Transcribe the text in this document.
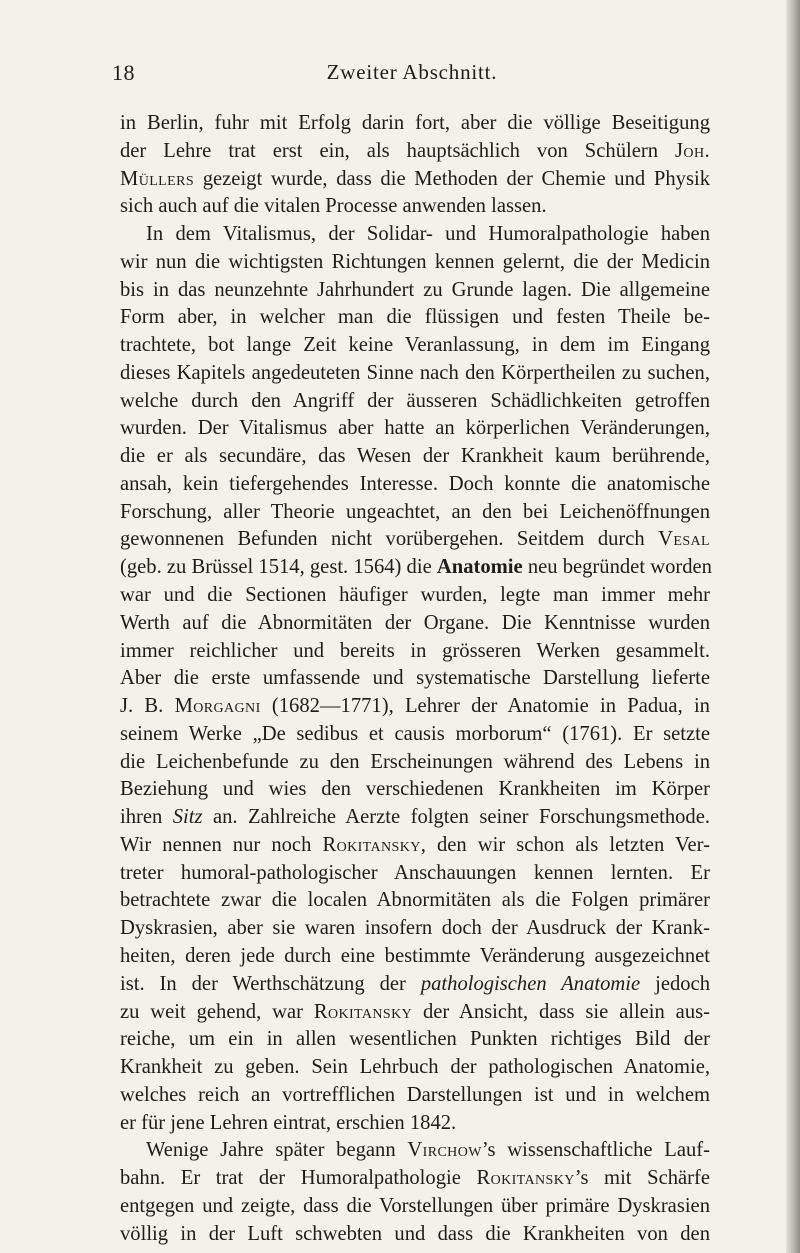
18	Zweiter Abschnitt.
in Berlin, fuhr mit Erfolg darin fort, aber die völlige Beseitigung
der Lehre trat erst ein, als hauptsächlich von Schülern Joh.
Müllers gezeigt wurde, dass die Methoden der Chemie und Physik
sich auch auf die vitalen Processe anwenden lassen.
In dem Vitalismus, der Solidar- und Humoralpathologie haben
wir nun die wichtigsten Richtungen kennen gelernt, die der Medicin
bis in das neunzehnte Jahrhundert zu Grunde lagen. Die allgemeine
Form aber, in welcher man die flüssigen und festen Theile be-
trachtete, bot lange Zeit keine Veranlassung, in dem im Eingang
dieses Kapitels angedeuteten Sinne nach den Körpertheilen zu suchen,
welche durch den Angriff der äusseren Schädlichkeiten getroffen
wurden. Der Vitalismus aber hatte an körperlichen Veränderungen,
die er als secundäre, das Wesen der Krankheit kaum berührende,
ansah, kein tiefergehendes Interesse. Doch konnte die anatomische
Forschung, aller Theorie ungeachtet, an den bei Leichenöffnungen
gewonnenen Befunden nicht vorübergehen. Seitdem durch Vesal
(geb. zu Brüssel 1514, gest. 1564) die Anatomie neu begründet worden
war und die Sectionen häufiger wurden, legte man immer mehr
Werth auf die Abnormitäten der Organe. Die Kenntnisse wurden
immer reichlicher und bereits in grösseren Werken gesammelt.
Aber die erste umfassende und systematische Darstellung lieferte
J. B. Morgagni (1682—1771), Lehrer der Anatomie in Padua, in
seinem Werke „De sedibus et causis morborum“ (1761). Er setzte
die Leichenbefunde zu den Erscheinungen während des Lebens in
Beziehung und wies den verschiedenen Krankheiten im Körper
ihren Sitz an. Zahlreiche Aerzte folgten seiner Forschungsmethode.
Wir nennen nur noch Rokitansky, den wir schon als letzten Ver-
treter humoral-pathologischer Anschauungen kennen lernten. Er
betrachtete zwar die localen Abnormitäten als die Folgen primärer
Dyskrasien, aber sie waren insofern doch der Ausdruck der Krank-
heiten, deren jede durch eine bestimmte Veränderung ausgezeichnet
ist. In der Werthschätzung der pathologischen Anatomie jedoch
zu weit gehend, war Rokitansky der Ansicht, dass sie allein aus-
reiche, um ein in allen wesentlichen Punkten richtiges Bild der
Krankheit zu geben. Sein Lehrbuch der pathologischen Anatomie,
welches reich an vortrefflichen Darstellungen ist und in welchem
er für jene Lehren eintrat, erschien 1842.
Wenige Jahre später begann Virchow’s wissenschaftliche Lauf-
bahn. Er trat der Humoralpathologie Rokitansky’s mit Schärfe
entgegen und zeigte, dass die Vorstellungen über primäre Dyskrasien
völlig in der Luft schwebten und dass die Krankheiten von den
